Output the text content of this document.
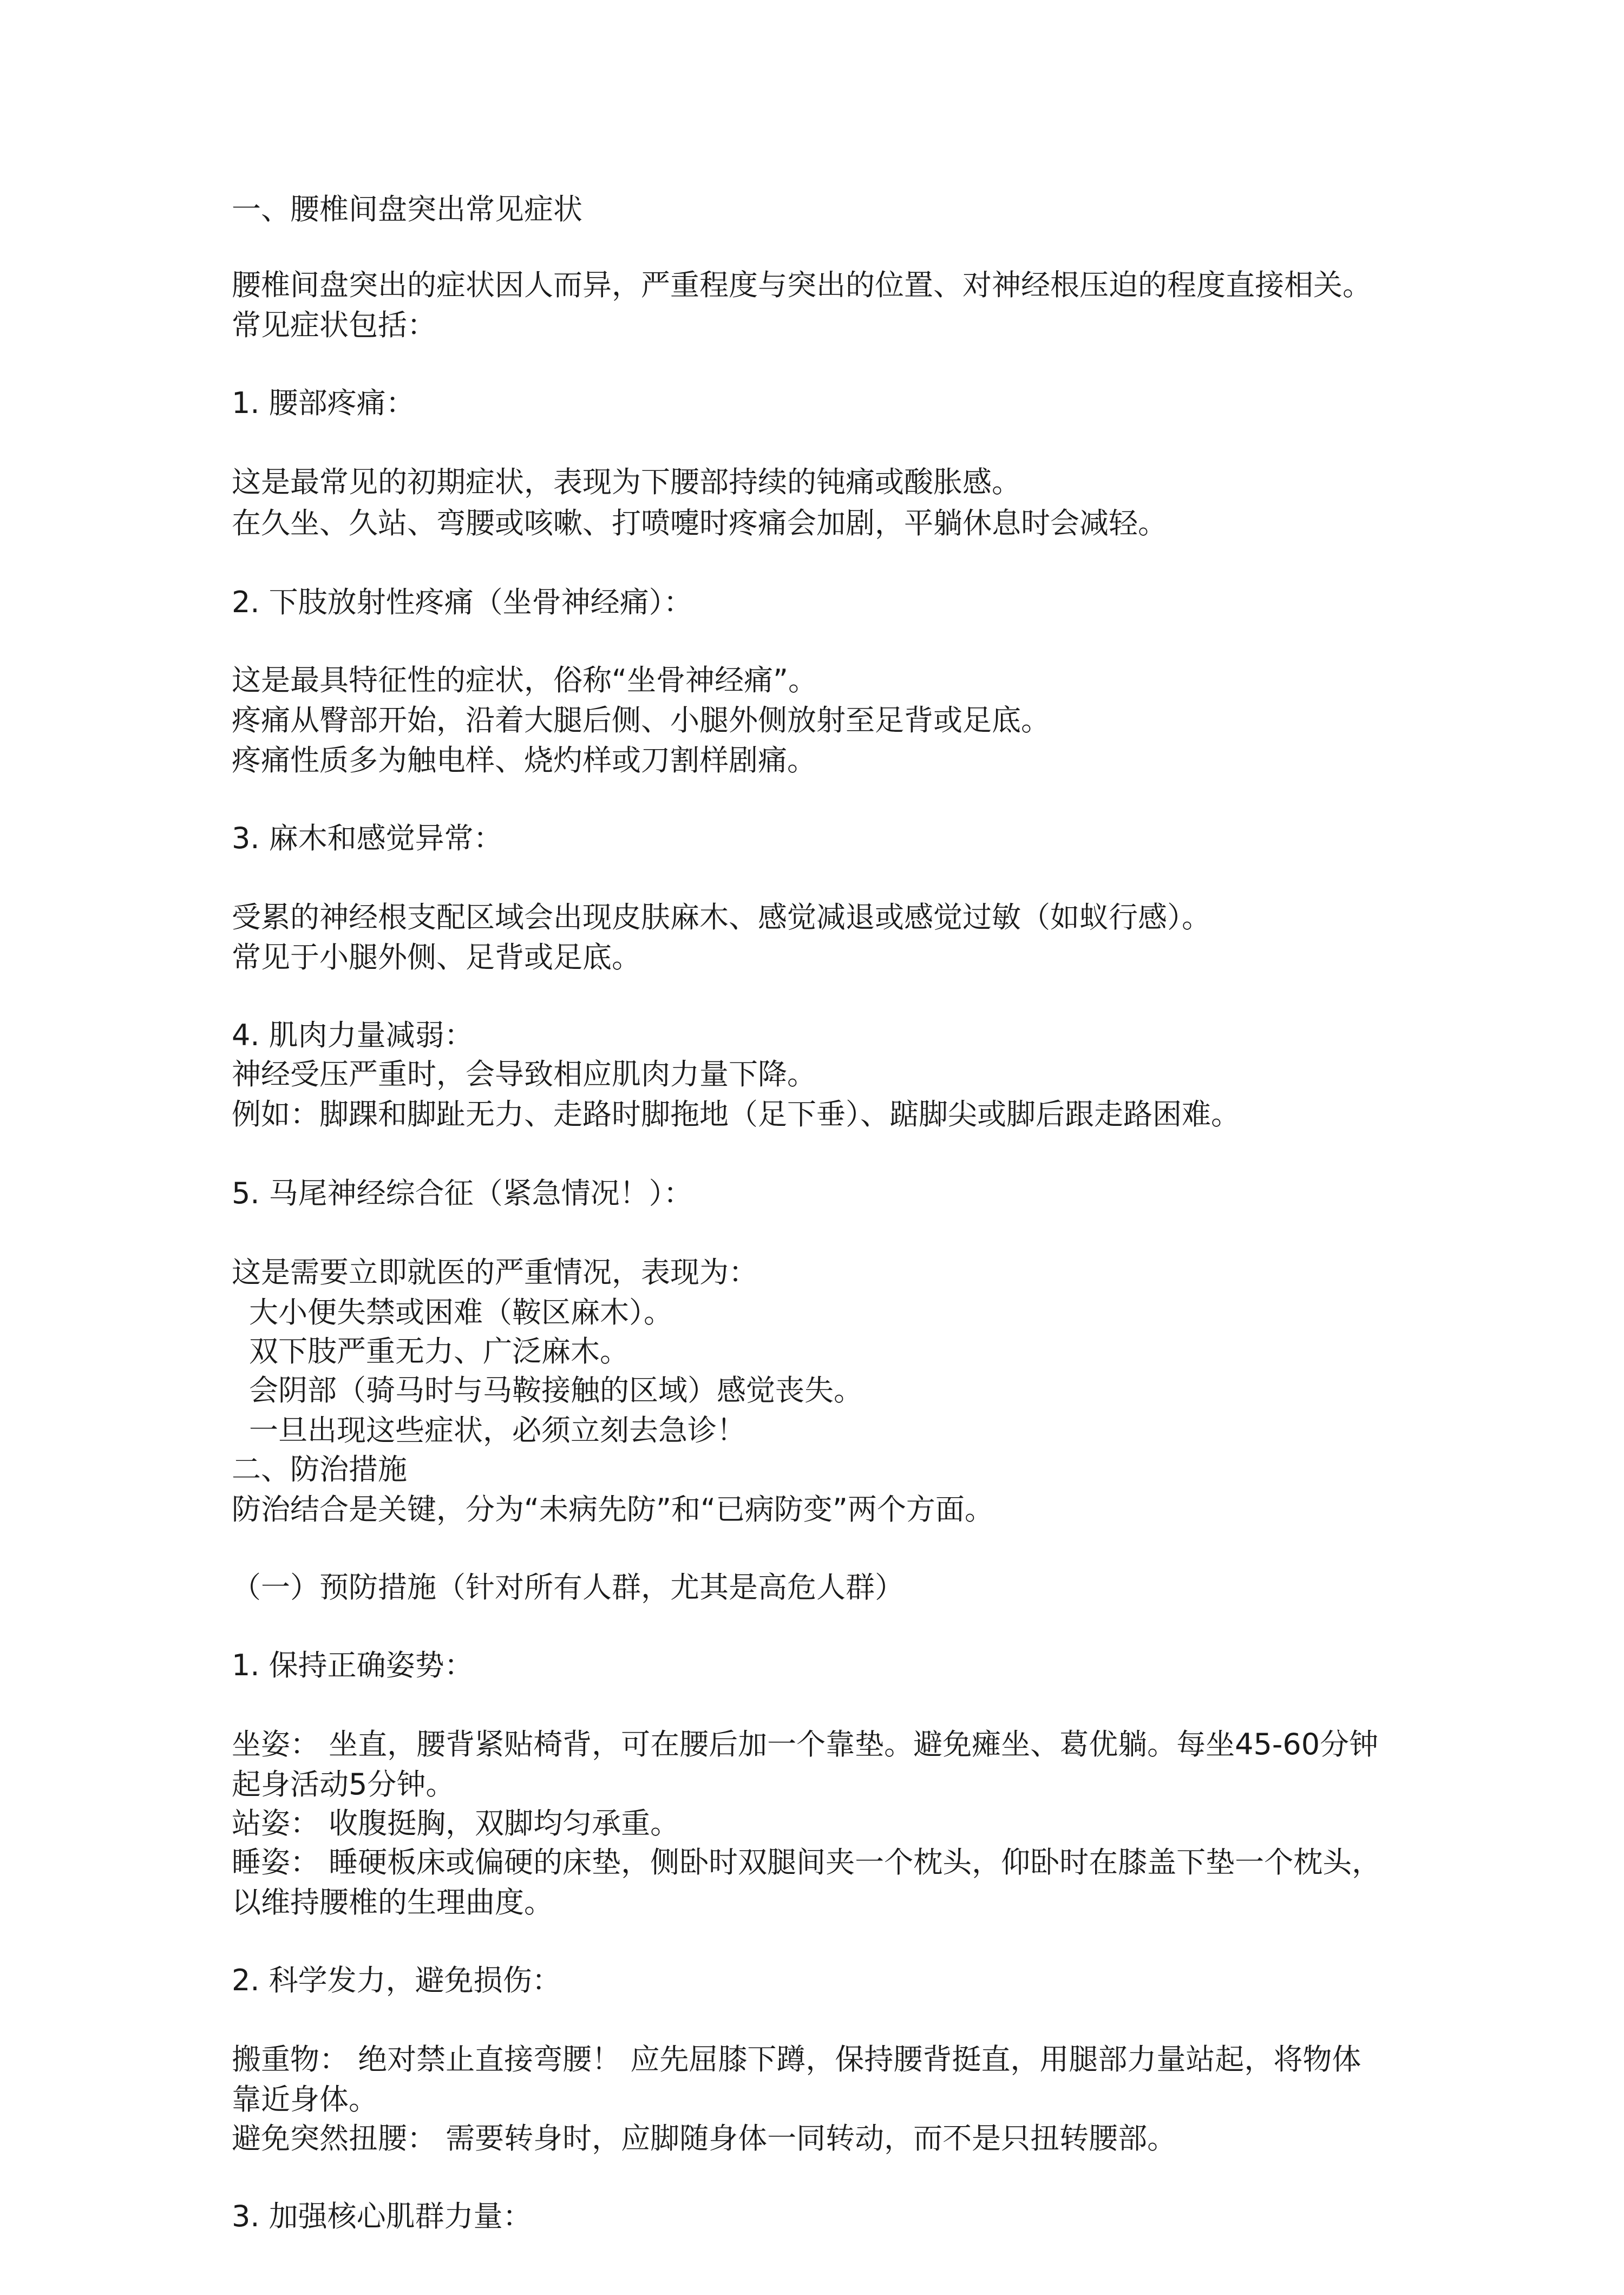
一、腰椎间盘突出常见症状
腰椎间盘突出的症状因人而异，严重程度与突出的位置、对神经根压迫的程度直接相关。
常见症状包括：
1. 腰部疼痛：
这是最常见的初期症状，表现为下腰部持续的钝痛或酸胀感。
在久坐、久站、弯腰或咳嗽、打喷嚏时疼痛会加剧，平躺休息时会减轻。
2. 下肢放射性疼痛（坐骨神经痛）：
这是最具特征性的症状，俗称“坐骨神经痛”。
疼痛从臀部开始，沿着大腿后侧、小腿外侧放射至足背或足底。
疼痛性质多为触电样、烧灼样或刀割样剧痛。
3. 麻木和感觉异常：
受累的神经根支配区域会出现皮肤麻木、感觉减退或感觉过敏（如蚁行感）。
常见于小腿外侧、足背或足底。
4. 肌肉力量减弱：
神经受压严重时，会导致相应肌肉力量下降。
例如：脚踝和脚趾无力、走路时脚拖地（足下垂）、踮脚尖或脚后跟走路困难。
5. 马尾神经综合征（紧急情况！）：
这是需要立即就医的严重情况，表现为：
大小便失禁或困难（鞍区麻木）。
双下肢严重无力、广泛麻木。
会阴部（骑马时与马鞍接触的区域）感觉丧失。
一旦出现这些症状，必须立刻去急诊！
二、防治措施
防治结合是关键，分为“未病先防”和“已病防变”两个方面。
（一）预防措施（针对所有人群，尤其是高危人群）
1. 保持正确姿势：
坐姿： 坐直，腰背紧贴椅背，可在腰后加一个靠垫。避免瘫坐、葛优躺。每坐45-60分钟
起身活动5分钟。
站姿： 收腹挺胸，双脚均匀承重。
睡姿： 睡硬板床或偏硬的床垫，侧卧时双腿间夹一个枕头，仰卧时在膝盖下垫一个枕头，
以维持腰椎的生理曲度。
2. 科学发力，避免损伤：
搬重物： 绝对禁止直接弯腰！ 应先屈膝下蹲，保持腰背挺直，用腿部力量站起，将物体
靠近身体。
避免突然扭腰： 需要转身时，应脚随身体一同转动，而不是只扭转腰部。
3. 加强核心肌群力量：
